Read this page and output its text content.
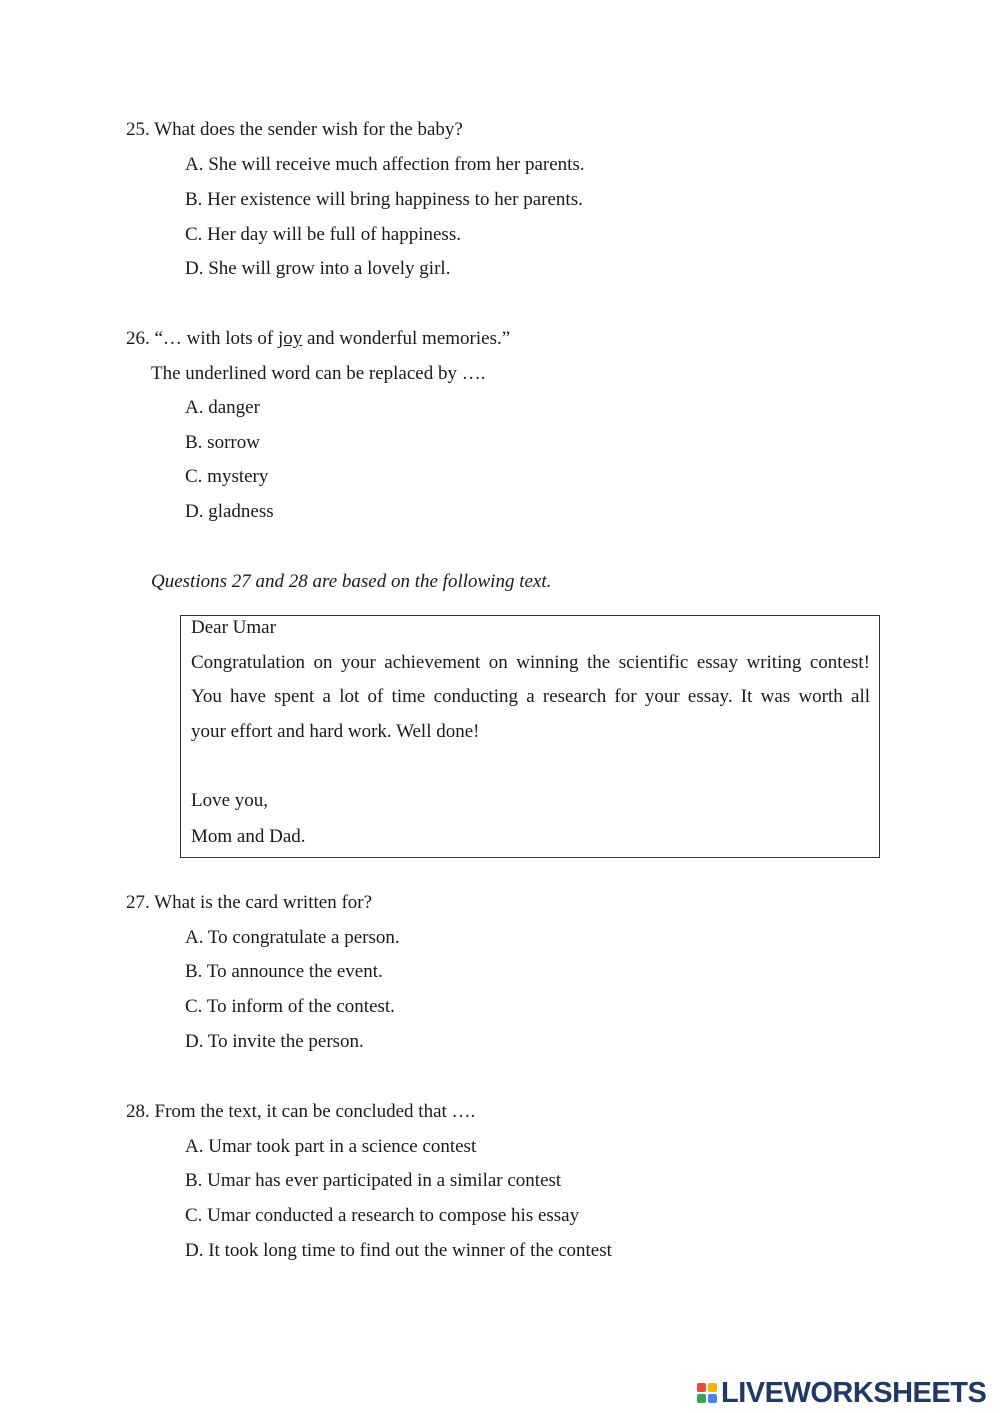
25. What does the sender wish for the baby?
A. She will receive much affection from her parents.
B. Her existence will bring happiness to her parents.
C. Her day will be full of happiness.
D. She will grow into a lovely girl.
26. “… with lots of joy and wonderful memories.”
The underlined word can be replaced by ….
A. danger
B. sorrow
C. mystery
D. gladness
Questions 27 and 28 are based on the following text.
Dear Umar
Congratulation on your achievement on winning the scientific essay writing contest!
You have spent a lot of time conducting a research for your essay. It was worth all
your effort and hard work. Well done!
Love you,
Mom and Dad.
27. What is the card written for?
A. To congratulate a person.
B. To announce the event.
C. To inform of the contest.
D. To invite the person.
28. From the text, it can be concluded that ….
A. Umar took part in a science contest
B. Umar has ever participated in a similar contest
C. Umar conducted a research to compose his essay
D. It took long time to find out the winner of the contest
LIVEWORKSHEETS
